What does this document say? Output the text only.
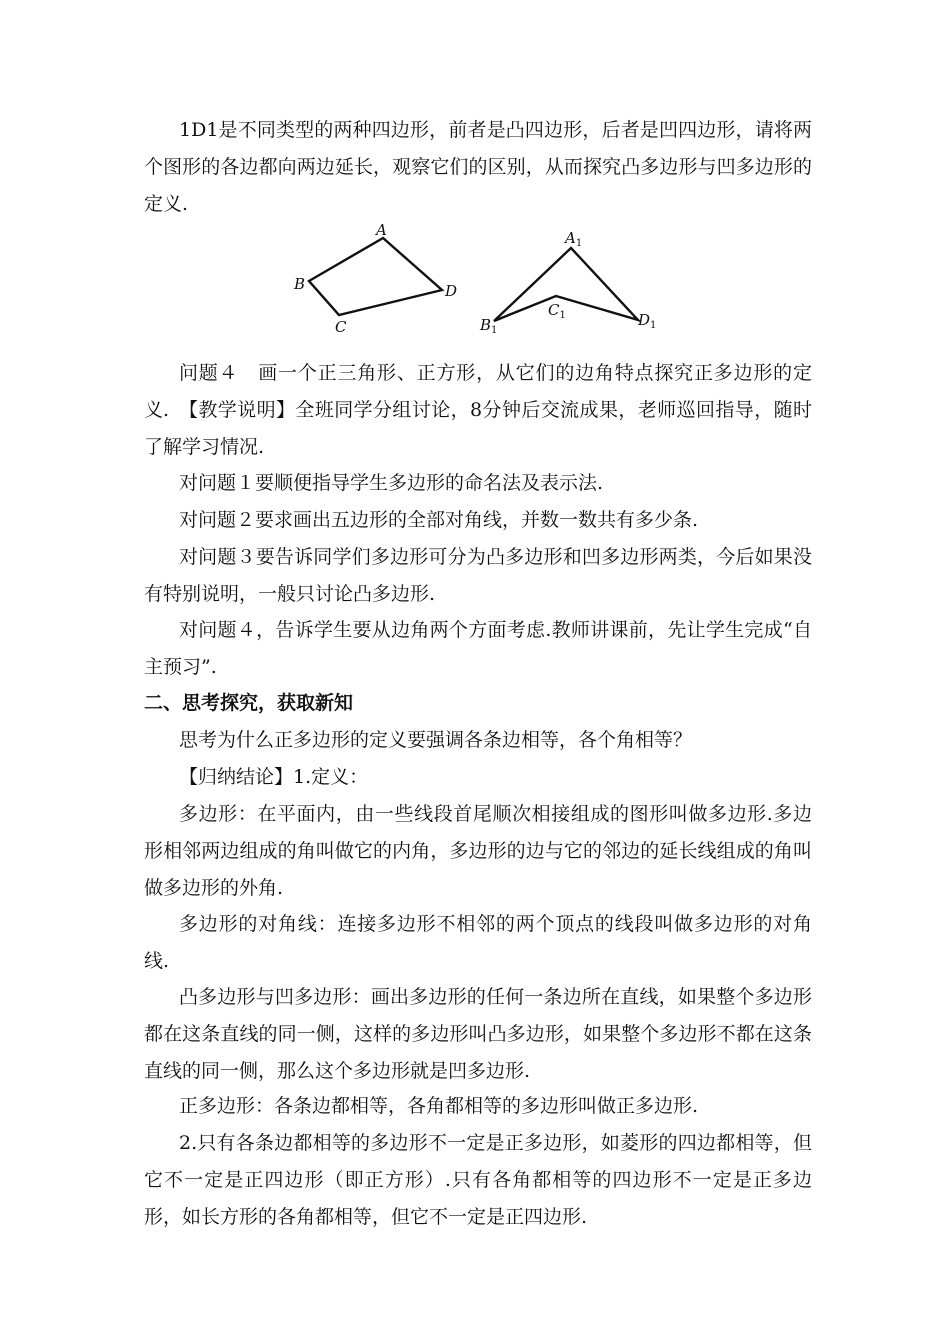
1D1是不同类型的两种四边形，前者是凸四边形，后者是凹四边形，请将两个图形的各边都向两边延长，观察它们的区别，从而探究凸多边形与凹多边形的定义.

A
B
C
D
$A_1$
$B_1$
$C_1$	$D_1$

问题４　画一个正三角形、正方形，从它们的边角特点探究正多边形的定义. 【教学说明】全班同学分组讨论，8分钟后交流成果，老师巡回指导，随时了解学习情况.

对问题１要顺便指导学生多边形的命名法及表示法.

对问题２要求画出五边形的全部对角线，并数一数共有多少条.

对问题３要告诉同学们多边形可分为凸多边形和凹多边形两类，今后如果没有特别说明，一般只讨论凸多边形.

对问题４，告诉学生要从边角两个方面考虑.教师讲课前，先让学生完成“自主预习”.

二、思考探究，获取新知

思考为什么正多边形的定义要强调各条边相等，各个角相等？

【归纳结论】1.定义：

多边形：在平面内，由一些线段首尾顺次相接组成的图形叫做多边形.多边形相邻两边组成的角叫做它的内角，多边形的边与它的邻边的延长线组成的角叫做多边形的外角.

多边形的对角线：连接多边形不相邻的两个顶点的线段叫做多边形的对角线.

凸多边形与凹多边形：画出多边形的任何一条边所在直线，如果整个多边形都在这条直线的同一侧，这样的多边形叫凸多边形，如果整个多边形不都在这条直线的同一侧，那么这个多边形就是凹多边形.

正多边形：各条边都相等，各角都相等的多边形叫做正多边形.

2.只有各条边都相等的多边形不一定是正多边形，如菱形的四边都相等，但它不一定是正四边形（即正方形）.只有各角都相等的四边形不一定是正多边形，如长方形的各角都相等，但它不一定是正四边形.
